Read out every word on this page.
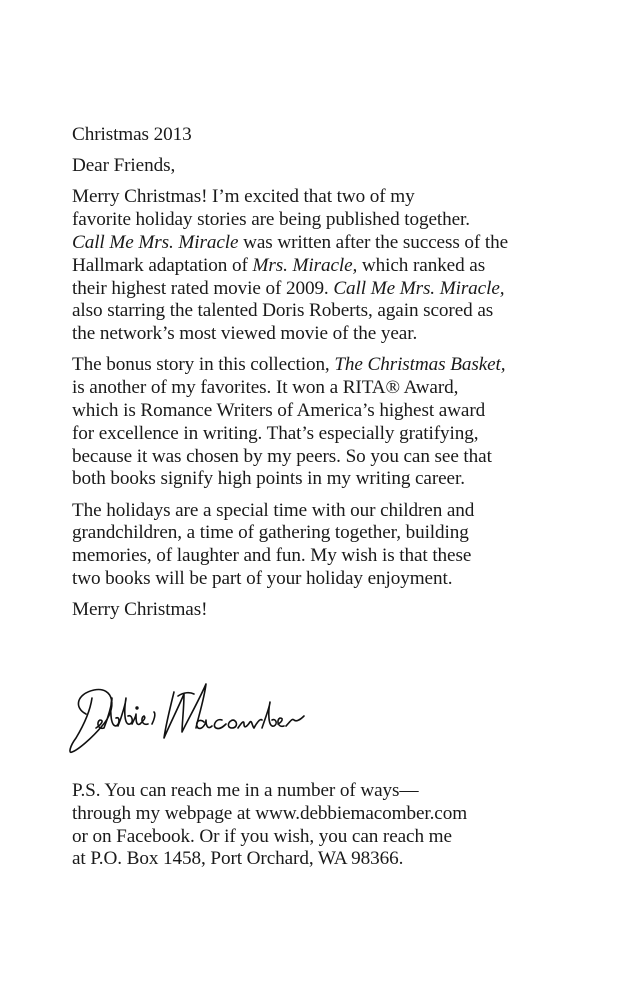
Christmas 2013
Dear Friends,
Merry Christmas! I’m excited that two of my
favorite holiday stories are being published together.
Call Me Mrs. Miracle was written after the success of the
Hallmark adaptation of Mrs. Miracle, which ranked as
their highest rated movie of 2009. Call Me Mrs. Miracle,
also starring the talented Doris Roberts, again scored as
the network’s most viewed movie of the year.
The bonus story in this collection, The Christmas Basket,
is another of my favorites. It won a RITA® Award,
which is Romance Writers of America’s highest award
for excellence in writing. That’s especially gratifying,
because it was chosen by my peers. So you can see that
both books signify high points in my writing career.
The holidays are a special time with our children and
grandchildren, a time of gathering together, building
memories, of laughter and fun. My wish is that these
two books will be part of your holiday enjoyment.
Merry Christmas!
P.S. You can reach me in a number of ways—
through my webpage at www.debbiemacomber.com
or on Facebook. Or if you wish, you can reach me
at P.O. Box 1458, Port Orchard, WA 98366.
